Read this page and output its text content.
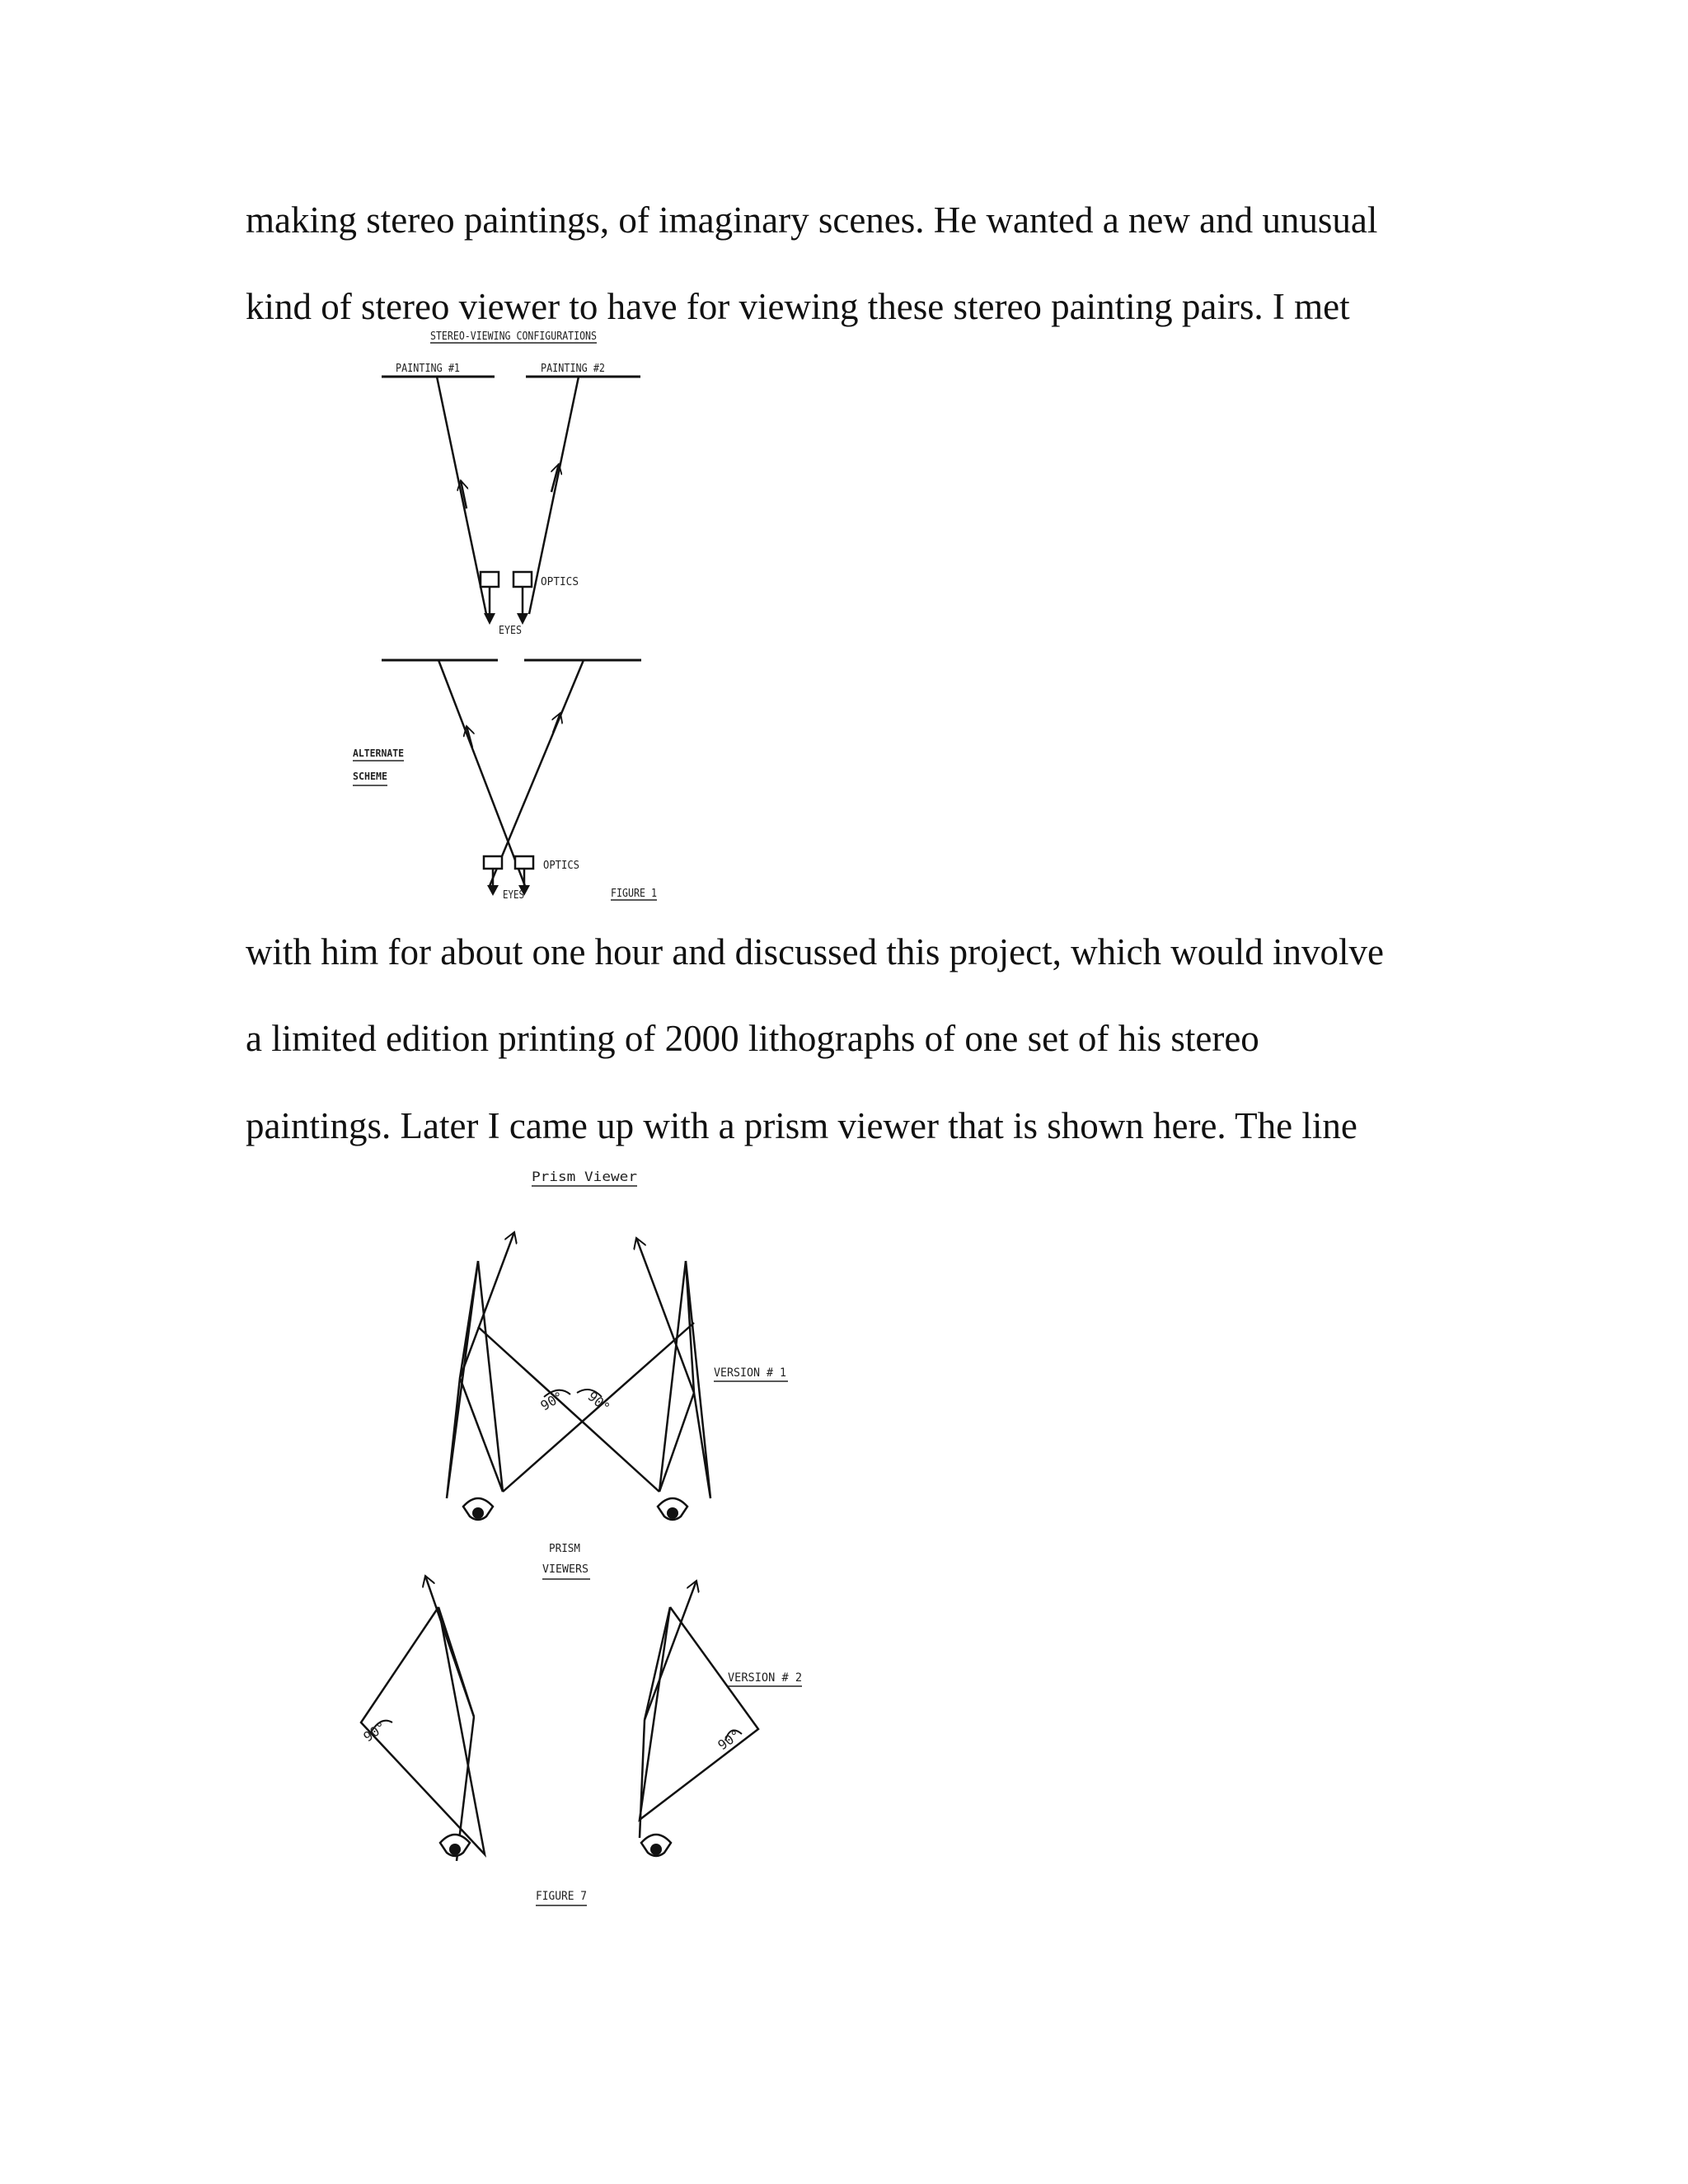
making stereo paintings, of imaginary scenes. He wanted a new and unusual

kind of stereo viewer to have for viewing these stereo painting pairs. I met

STEREO-VIEWING CONFIGURATIONS
PAINTING #1	PAINTING #2
OPTICS
EYES
ALTERNATE
SCHEME
OPTICS
EYES	FIGURE 1

with him for about one hour and discussed this project, which would involve

a limited edition printing of 2000 lithographs of one set of his stereo

paintings. Later I came up with a prism viewer that is shown here. The line

Prism Viewer
90° 90°
VERSION # 1
PRISM
VIEWERS
90°	90°
VERSION # 2
FIGURE 7
